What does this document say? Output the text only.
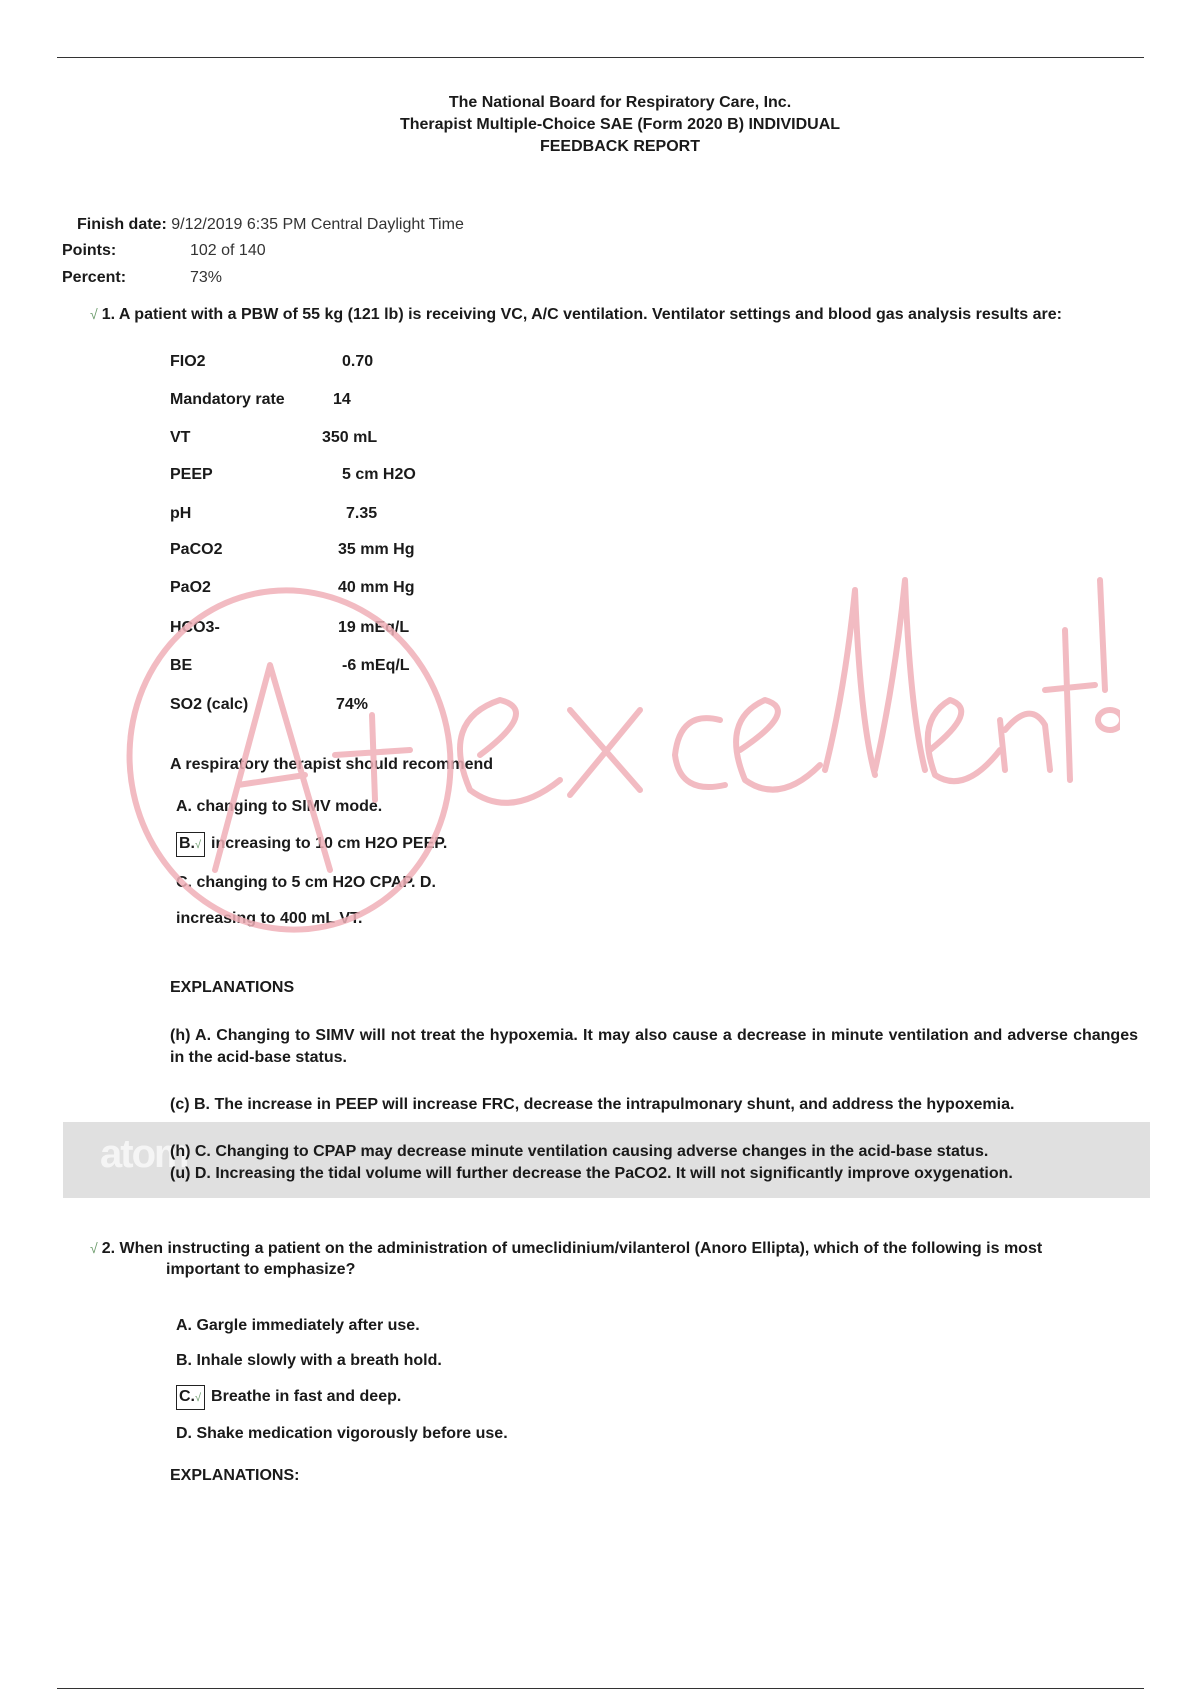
The National Board for Respiratory Care, Inc.
Therapist Multiple-Choice SAE (Form 2020 B) INDIVIDUAL
FEEDBACK REPORT
Finish date: 9/12/2019 6:35 PM Central Daylight Time
Points:	102 of 140
Percent:	73%
√ 1. A patient with a PBW of 55 kg (121 lb) is receiving VC, A/C ventilation. Ventilator settings and blood gas analysis results are:
FIO2	0.70
Mandatory rate	14
VT	350 mL
PEEP	5 cm H2O
pH	7.35
PaCO2	35 mm Hg
PaO2	40 mm Hg
HCO3-	19 mEq/L
BE	-6 mEq/L
SO2 (calc)	74%
A respiratory therapist should recommend
A. changing to SIMV mode.
B.√ increasing to 10 cm H2O PEEP.
C. changing to 5 cm H2O CPAP. D.
increasing to 400 mL VT.
EXPLANATIONS
(h) A. Changing to SIMV will not treat the hypoxemia. It may also cause a decrease in minute ventilation and adverse changes in the acid-base status.
(c) B. The increase in PEEP will increase FRC, decrease the intrapulmonary shunt, and address the hypoxemia.
atom
(h) C. Changing to CPAP may decrease minute ventilation causing adverse changes in the acid-base status.
(u) D. Increasing the tidal volume will further decrease the PaCO2. It will not significantly improve oxygenation.
√ 2. When instructing a patient on the administration of umeclidinium/vilanterol (Anoro Ellipta), which of the following is most
important to emphasize?
A. Gargle immediately after use.
B. Inhale slowly with a breath hold.
C.√ Breathe in fast and deep.
D. Shake medication vigorously before use.
EXPLANATIONS:
